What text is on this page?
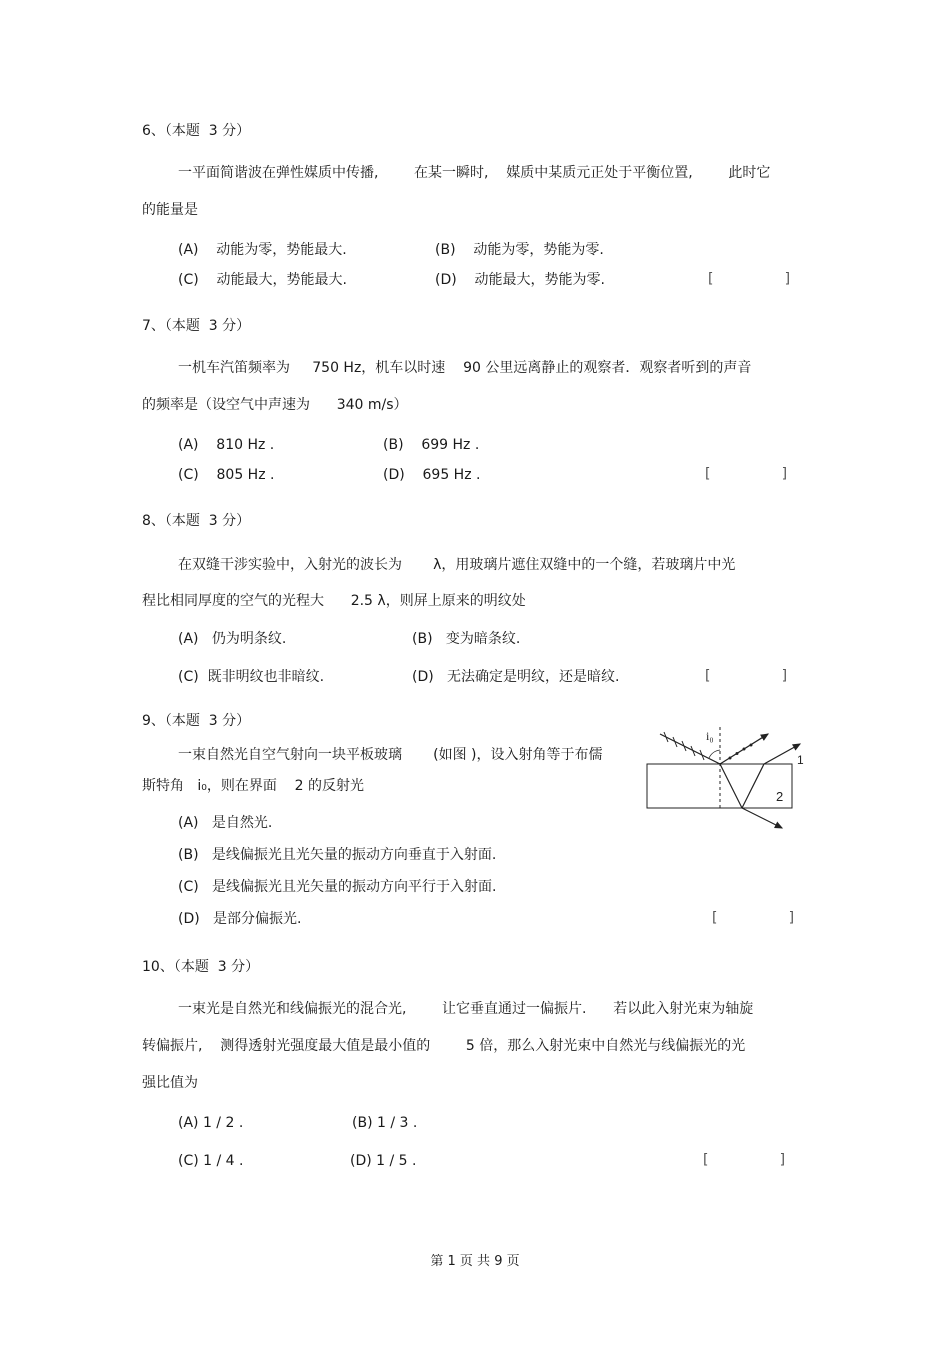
6、（本题  3 分）
一平面简谐波在弹性媒质中传播,        在某一瞬时,    媒质中某质元正处于平衡位置,        此时它
的能量是
(A)    动能为零，势能最大.	(B)    动能为零，势能为零.
(C)    动能最大，势能最大.	(D)    动能最大，势能为零.	[                ]
7、（本题  3 分）
一机车汽笛频率为     750 Hz，机车以时速    90 公里远离静止的观察者．观察者听到的声音
的频率是（设空气中声速为      340 m/s）
(A)    810 Hz .	(B)    699 Hz .
(C)    805 Hz .	(D)    695 Hz .	[                ]
8、（本题  3 分）
在双缝干涉实验中，入射光的波长为       λ，用玻璃片遮住双缝中的一个缝，若玻璃片中光
程比相同厚度的空气的光程大      2.5 λ，则屏上原来的明纹处
(A)   仍为明条纹.	(B)   变为暗条纹.
(C)  既非明纹也非暗纹.	(D)   无法确定是明纹，还是暗纹.	[                ]
9、（本题  3 分）
一束自然光自空气射向一块平板玻璃       (如图 )，设入射角等于布儒
斯特角   i₀，则在界面    2 的反射光
(A)   是自然光.
(B)   是线偏振光且光矢量的振动方向垂直于入射面.
(C)   是线偏振光且光矢量的振动方向平行于入射面.
(D)   是部分偏振光.	[                ]
i₀
1
2
10、（本题  3 分）
一束光是自然光和线偏振光的混合光,        让它垂直通过一偏振片.      若以此入射光束为轴旋
转偏振片,    测得透射光强度最大值是最小值的        5 倍，那么入射光束中自然光与线偏振光的光
强比值为
(A) 1 / 2 .	(B) 1 / 3 .
(C) 1 / 4 .	(D) 1 / 5 .	[                ]
第 1 页 共 9 页
